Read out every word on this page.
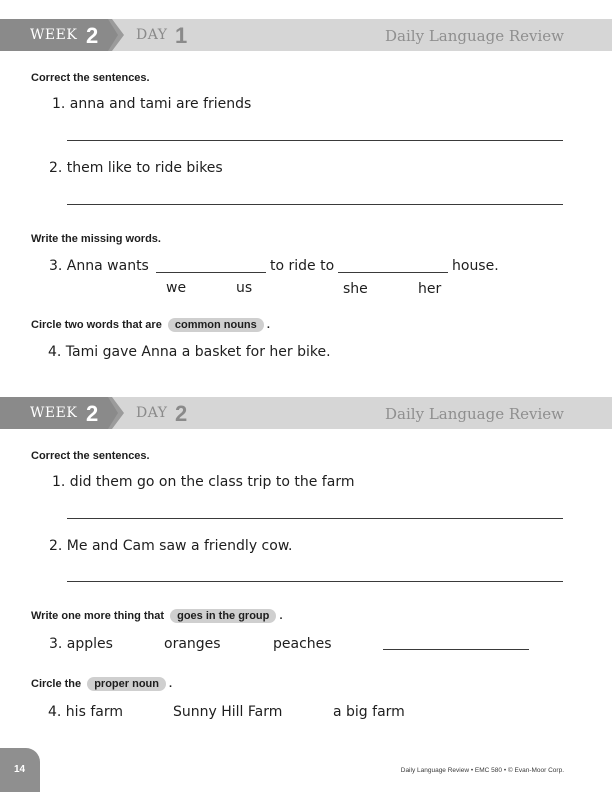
WEEK 2	DAY 1	Daily Language Review
Correct the sentences.
1. anna and tami are friends
2. them like to ride bikes
Write the missing words.
3. Anna wants	to ride to	house.
we	us	she	her
Circle two words that are common nouns .
4. Tami gave Anna a basket for her bike.
WEEK 2	DAY 2	Daily Language Review
Correct the sentences.
1. did them go on the class trip to the farm
2. Me and Cam saw a friendly cow.
Write one more thing that goes in the group .
3. apples	oranges	peaches
Circle the proper noun .
4. his farm	Sunny Hill Farm	a big farm
14	Daily Language Review • EMC 580 • © Evan-Moor Corp.
